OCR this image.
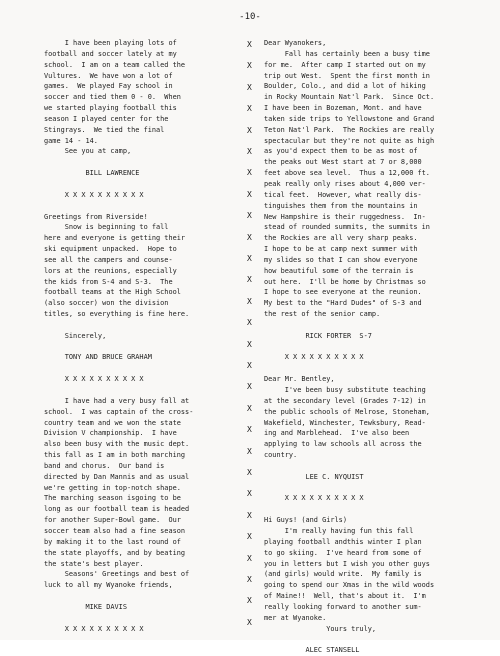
-10-
I have been playing lots of
football and soccer lately at my
school.  I am on a team called the
Vultures.  We have won a lot of
games.  We played Fay school in
soccer and tied them 0 - 0.  When
we started playing football this
season I played center for the
Stingrays.  We tied the final
game 14 - 14.
See you at camp,
BILL LAWRENCE
X X X X X X X X X X
Greetings from Riverside!
Snow is beginning to fall
here and everyone is getting their
ski equipment unpacked.  Hope to
see all the campers and counse-
lors at the reunions, especially
the kids from S-4 and S-3.  The
football teams at the High School
(also soccer) won the division
titles, so everything is fine here.
Sincerely,
TONY AND BRUCE GRAHAM
X X X X X X X X X X
I have had a very busy fall at
school.  I was captain of the cross-
country team and we won the state
Division V championship.  I have
also been busy with the music dept.
this fall as I am in both marching
band and chorus.  Our band is
directed by Dan Mannis and as usual
we're getting in top-notch shape.
The marching season isgoing to be
long as our football team is headed
for another Super-Bowl game.  Our
soccer team also had a fine season
by making it to the last round of
the state playoffs, and by beating
the state's best player.
Seasons' Greetings and best of
luck to all my Wyanoke friends,
MIKE DAVIS
X X X X X X X X X X
X
X
X
X
X
X
X
X
X
X
X
X
X
X
X
X
X
X
X
X
X
X
X
X
X
X
X
X
Dear Wyanokers,
Fall has certainly been a busy time
for me.  After camp I started out on my
trip out West.  Spent the first month in
Boulder, Colo., and did a lot of hiking
in Rocky Mountain Nat'l Park.  Since Oct.
I have been in Bozeman, Mont. and have
taken side trips to Yellowstone and Grand
Teton Nat'l Park.  The Rockies are really
spectacular but they're not quite as high
as you'd expect them to be as most of
the peaks out West start at 7 or 8,000
feet above sea level.  Thus a 12,000 ft.
peak really only rises about 4,000 ver-
tical feet.  However, what really dis-
tinguishes them from the mountains in
New Hampshire is their ruggedness.  In-
stead of rounded summits, the summits in
the Rockies are all very sharp peaks.
I hope to be at camp next summer with
my slides so that I can show everyone
how beautiful some of the terrain is
out here.  I'll be home by Christmas so
I hope to see everyone at the reunion.
My best to the "Hard Dudes" of S-3 and
the rest of the senior camp.
RICK FORTER  S-7
X X X X X X X X X X
Dear Mr. Bentley,
I've been busy substitute teaching
at the secondary level (Grades 7-12) in
the public schools of Melrose, Stoneham,
Wakefield, Winchester, Tewksbury, Read-
ing and Marblehead.  I've also been
applying to law schools all across the
country.
LEE C. NYQUIST
X X X X X X X X X X
Hi Guys! (and Girls)
I'm really having fun this fall
playing football andthis winter I plan
to go skiing.  I've heard from some of
you in letters but I wish you other guys
(and girls) would write.  My family is
going to spend our Xmas in the wild woods
of Maine!!  Well, that's about it.  I'm
really looking forward to another sum-
mer at Wyanoke.
Yours truly,
ALEC STANSELL
